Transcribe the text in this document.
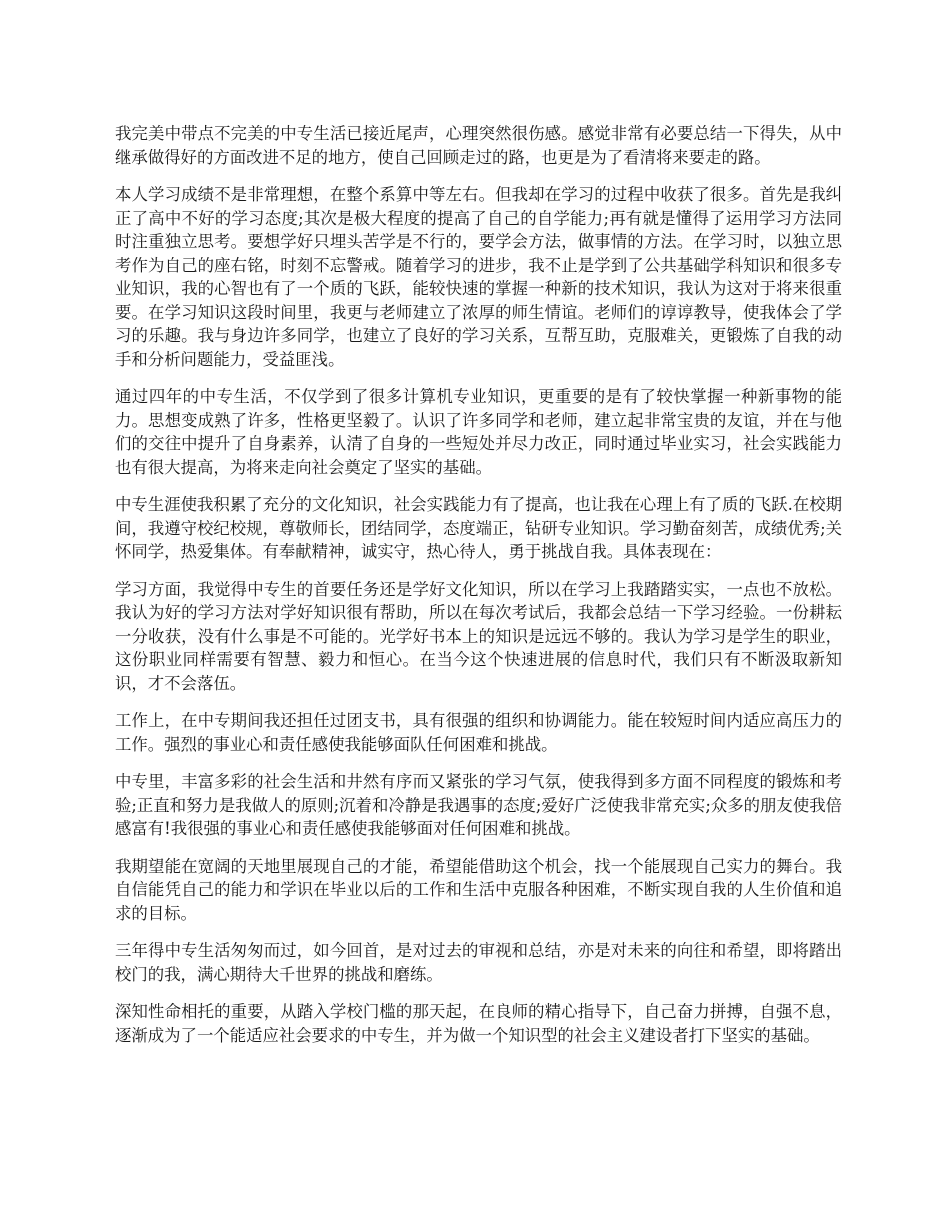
我完美中带点不完美的中专生活已接近尾声，心理突然很伤感。感觉非常有必要总结一下得失，从中继承做得好的方面改进不足的地方，使自己回顾走过的路，也更是为了看清将来要走的路。

本人学习成绩不是非常理想，在整个系算中等左右。但我却在学习的过程中收获了很多。首先是我纠正了高中不好的学习态度;其次是极大程度的提高了自己的自学能力;再有就是懂得了运用学习方法同时注重独立思考。要想学好只埋头苦学是不行的，要学会方法，做事情的方法。在学习时，以独立思考作为自己的座右铭，时刻不忘警戒。随着学习的进步，我不止是学到了公共基础学科知识和很多专业知识，我的心智也有了一个质的飞跃，能较快速的掌握一种新的技术知识，我认为这对于将来很重要。在学习知识这段时间里，我更与老师建立了浓厚的师生情谊。老师们的谆谆教导，使我体会了学习的乐趣。我与身边许多同学，也建立了良好的学习关系，互帮互助，克服难关，更锻炼了自我的动手和分析问题能力，受益匪浅。

通过四年的中专生活，不仅学到了很多计算机专业知识，更重要的是有了较快掌握一种新事物的能力。思想变成熟了许多，性格更坚毅了。认识了许多同学和老师，建立起非常宝贵的友谊，并在与他们的交往中提升了自身素养，认清了自身的一些短处并尽力改正，同时通过毕业实习，社会实践能力也有很大提高，为将来走向社会奠定了坚实的基础。

中专生涯使我积累了充分的文化知识，社会实践能力有了提高，也让我在心理上有了质的飞跃.在校期间，我遵守校纪校规，尊敬师长，团结同学，态度端正，钻研专业知识。学习勤奋刻苦，成绩优秀;关怀同学，热爱集体。有奉献精神，诚实守，热心待人，勇于挑战自我。具体表现在：

学习方面，我觉得中专生的首要任务还是学好文化知识，所以在学习上我踏踏实实，一点也不放松。我认为好的学习方法对学好知识很有帮助，所以在每次考试后，我都会总结一下学习经验。一份耕耘一分收获，没有什么事是不可能的。光学好书本上的知识是远远不够的。我认为学习是学生的职业，这份职业同样需要有智慧、毅力和恒心。在当今这个快速进展的信息时代，我们只有不断汲取新知识，才不会落伍。

工作上，在中专期间我还担任过团支书，具有很强的组织和协调能力。能在较短时间内适应高压力的工作。强烈的事业心和责任感使我能够面队任何困难和挑战。

中专里，丰富多彩的社会生活和井然有序而又紧张的学习气氛，使我得到多方面不同程度的锻炼和考验;正直和努力是我做人的原则;沉着和冷静是我遇事的态度;爱好广泛使我非常充实;众多的朋友使我倍感富有!我很强的事业心和责任感使我能够面对任何困难和挑战。

我期望能在宽阔的天地里展现自己的才能，希望能借助这个机会，找一个能展现自己实力的舞台。我自信能凭自己的能力和学识在毕业以后的工作和生活中克服各种困难，不断实现自我的人生价值和追求的目标。

三年得中专生活匆匆而过，如今回首，是对过去的审视和总结，亦是对未来的向往和希望，即将踏出校门的我，满心期待大千世界的挑战和磨练。

深知性命相托的重要，从踏入学校门槛的那天起，在良师的精心指导下，自己奋力拼搏，自强不息，逐渐成为了一个能适应社会要求的中专生，并为做一个知识型的社会主义建设者打下坚实的基础。
